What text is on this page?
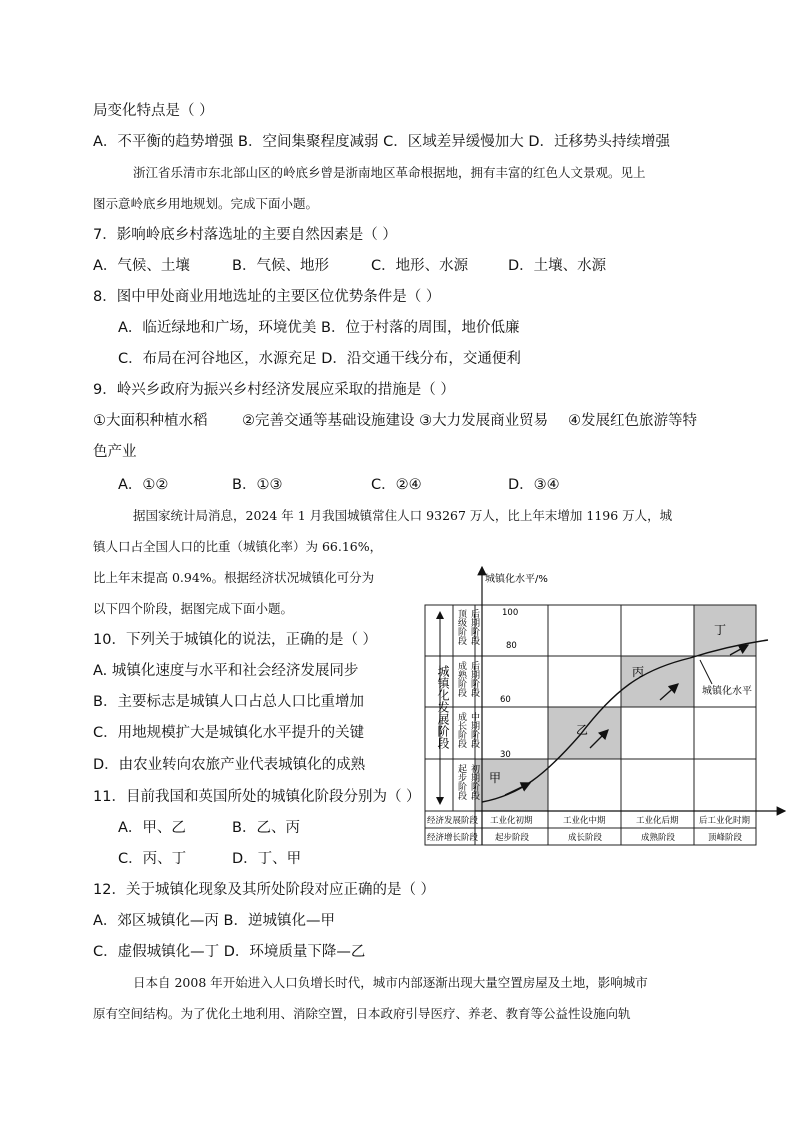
局变化特点是（ ）
A．不平衡的趋势增强 B．空间集聚程度减弱 C．区域差异缓慢加大 D．迁移势头持续增强
浙江省乐清市东北部山区的岭底乡曾是浙南地区革命根据地，拥有丰富的红色人文景观。见上
图示意岭底乡用地规划。完成下面小题。
7．影响岭底乡村落选址的主要自然因素是（ ）
A．气候、土壤	B．气候、地形	C．地形、水源	D．土壤、水源
8．图中甲处商业用地选址的主要区位优势条件是（ ）
A．临近绿地和广场，环境优美 B．位于村落的周围，地价低廉
C．布局在河谷地区，水源充足 D．沿交通干线分布，交通便利
9．岭兴乡政府为振兴乡村经济发展应采取的措施是（ ）
①大面积种植水稻 ②完善交通等基础设施建设 ③大力发展商业贸易 ④发展红色旅游等特
色产业
A．①②	B．①③	C．②④	D．③④
据国家统计局消息，2024 年 1 月我国城镇常住人口 93267 万人，比上年末增加 1196 万人，城
镇人口占全国人口的比重（城镇化率）为 66.16%，
比上年末提高 0.94%。根据经济状况城镇化可分为
以下四个阶段，据图完成下面小题。
10．下列关于城镇化的说法，正确的是（ ）
A. 城镇化速度与水平和社会经济发展同步
B．主要标志是城镇人口占总人口比重增加
C．用地规模扩大是城镇化水平提升的关键
D．由农业转向农旅产业代表城镇化的成熟
11．目前我国和英国所处的城镇化阶段分别为（ ）
A．甲、乙	B．乙、丙
C．丙、丁	D．丁、甲
12．关于城镇化现象及其所处阶段对应正确的是（ ）
A．郊区城镇化—丙 B．逆城镇化—甲
C．虚假城镇化—丁 D．环境质量下降—乙
日本自 2008 年开始进入人口负增长时代，城市内部逐渐出现大量空置房屋及土地，影响城市
原有空间结构。为了优化土地利用、消除空置，日本政府引导医疗、养老、教育等公益性设施向轨
城镇化水平/%
100
80
60
30
城镇化发展阶段
顶级阶段
成熟阶段
成长阶段
起步阶段
后期阶段
后期阶段
中期阶段
初期阶段 甲
乙
丙
丁
城镇化水平
经济发展阶段 工业化初期	工业化中期	工业化后期 后工业化时期
经济增长阶段 起步阶段	成长阶段	成熟阶段	顶峰阶段
